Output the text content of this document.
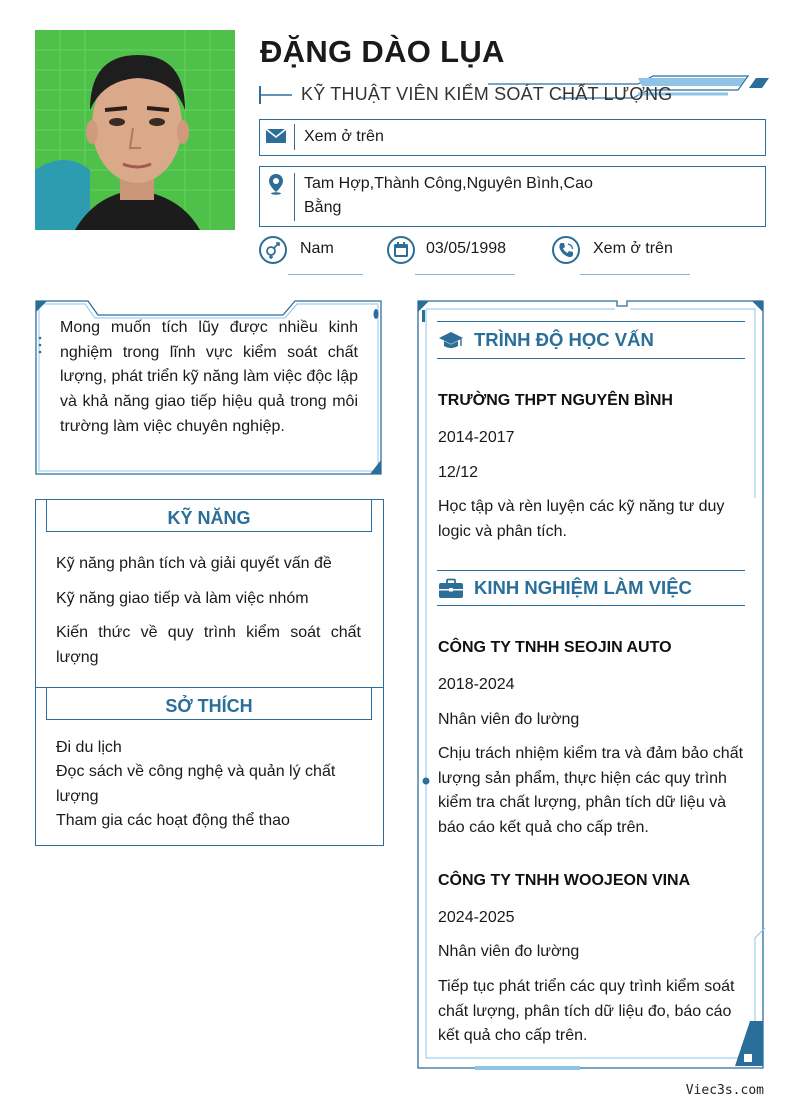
ĐẶNG DÀO LỤA
KỸ THUẬT VIÊN KIỂM SOÁT CHẤT LƯỢNG
Xem ở trên
Tam Hợp,Thành Công,Nguyên Bình,Cao
Bằng
Nam	03/05/1998	Xem ở trên
Mong muốn tích lũy được nhiều kinh nghiệm trong lĩnh vực kiểm soát chất lượng, phát triển kỹ năng làm việc độc lập và khả năng giao tiếp hiệu quả trong môi trường làm việc chuyên nghiệp.
KỸ NĂNG
Kỹ năng phân tích và giải quyết vấn đề
Kỹ năng giao tiếp và làm việc nhóm
Kiến thức về quy trình kiểm soát chất lượng
SỞ THÍCH
Đi du lịch
Đọc sách về công nghệ và quản lý chất lượng
Tham gia các hoạt động thể thao
TRÌNH ĐỘ HỌC VẤN
TRƯỜNG THPT NGUYÊN BÌNH
2014-2017
12/12
Học tập và rèn luyện các kỹ năng tư duy logic và phân tích.
KINH NGHIỆM LÀM VIỆC
CÔNG TY TNHH SEOJIN AUTO
2018-2024
Nhân viên đo lường
Chịu trách nhiệm kiểm tra và đảm bảo chất lượng sản phẩm, thực hiện các quy trình kiểm tra chất lượng, phân tích dữ liệu và báo cáo kết quả cho cấp trên.
CÔNG TY TNHH WOOJEON VINA
2024-2025
Nhân viên đo lường
Tiếp tục phát triển các quy trình kiểm soát chất lượng, phân tích dữ liệu đo, báo cáo kết quả cho cấp trên.
Viec3s.com
